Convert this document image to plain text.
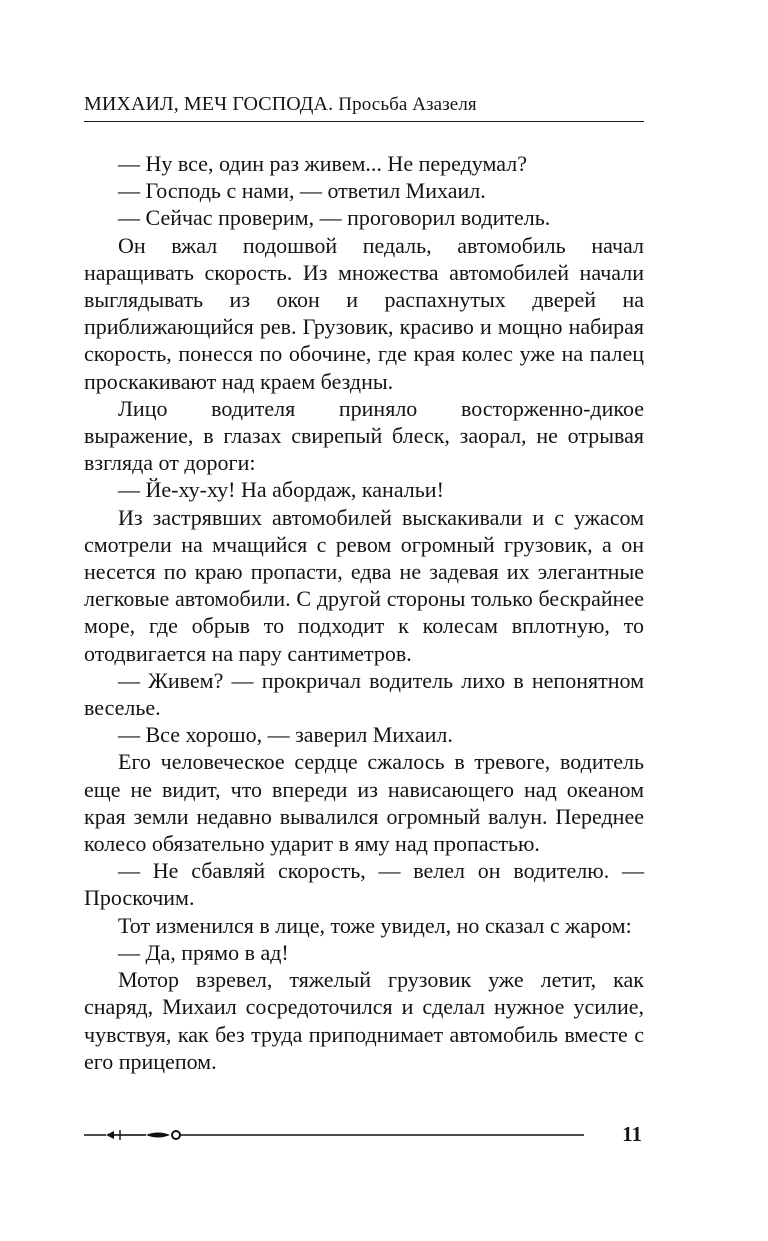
МИХАИЛ, МЕЧ ГОСПОДА. Просьба Азазеля

— Ну все, один раз живем... Не передумал?

— Господь с нами, — ответил Михаил.

— Сейчас проверим, — проговорил водитель.

Он вжал подошвой педаль, автомобиль начал наращивать скорость. Из множества автомобилей начали выглядывать из окон и распахнутых дверей на приближающийся рев. Грузовик, красиво и мощно набирая скорость, понесся по обочине, где края колес уже на палец проскакивают над краем бездны.

Лицо водителя приняло восторженно-дикое выражение, в глазах свирепый блеск, заорал, не отрывая взгляда от дороги:

— Йе-ху-ху! На абордаж, канальи!

Из застрявших автомобилей выскакивали и с ужасом смотрели на мчащийся с ревом огромный грузовик, а он несется по краю пропасти, едва не задевая их элегантные легковые автомобили. С другой стороны только бескрайнее море, где обрыв то подходит к колесам вплотную, то отодвигается на пару сантиметров.

— Живем? — прокричал водитель лихо в непонятном веселье.

— Все хорошо, — заверил Михаил.

Его человеческое сердце сжалось в тревоге, водитель еще не видит, что впереди из нависающего над океаном края земли недавно вывалился огромный валун. Переднее колесо обязательно ударит в яму над пропастью.

— Не сбавляй скорость, — велел он водителю. — Проскочим.

Тот изменился в лице, тоже увидел, но сказал с жаром:

— Да, прямо в ад!

Мотор взревел, тяжелый грузовик уже летит, как снаряд, Михаил сосредоточился и сделал нужное усилие, чувствуя, как без труда приподнимает автомобиль вместе с его прицепом.

11
